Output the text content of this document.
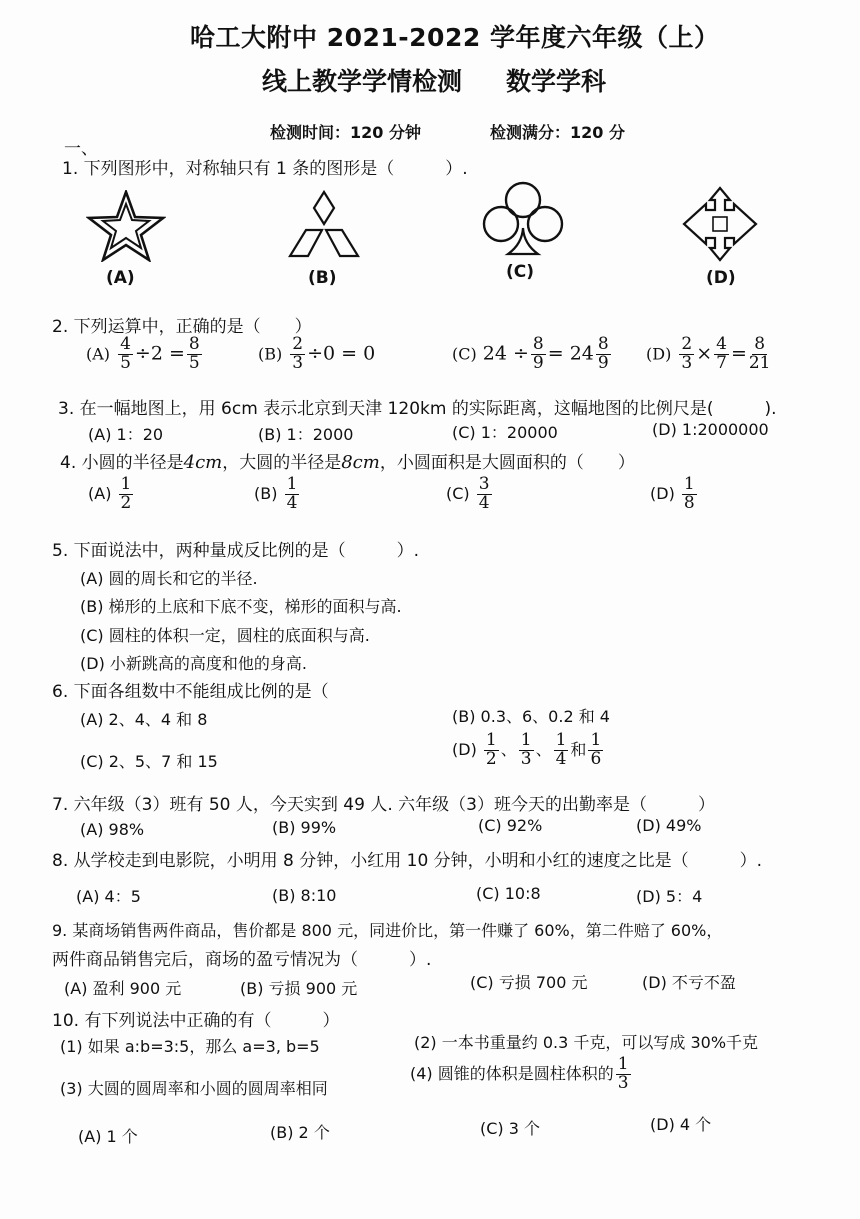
哈工大附中 2021-2022 学年度六年级（上）
线上教学学情检测 数学学科
检测时间：120 分钟	检测满分：120 分
一、
1. 下列图形中，对称轴只有 1 条的图形是（　　　）.
(A)	(B)	(C)	(D)
2. 下列运算中，正确的是（　　）
$(A) \frac{4}{5} \div 2 = \frac{8}{5}$	$(B) \frac{2}{3} \div 0 = 0$	(C) $24 \div \frac{8}{9} = 24 \frac{8}{9} (D) \frac{2}{3} \times \frac{4}{7} = \frac{8}{21}$
3. 在一幅地图上，用 6cm 表示北京到天津 120km 的实际距离，这幅地图的比例尺是(　　　).
(A) 1：20	(B) 1：2000	(C) 1：20000	(D) 1:2000000
4. 小圆的半径是4cm，大圆的半径是8cm，小圆面积是大圆面积的（　　）
$(A) \frac{1}{2}$	$(B) \frac{1}{4}$	$(C) \frac{3}{4}$	$(D) \frac{1}{8}$
5. 下面说法中，两种量成反比例的是（　　　）.
(A) 圆的周长和它的半径.
(B) 梯形的上底和下底不变，梯形的面积与高.
(C) 圆柱的体积一定，圆柱的底面积与高.
(D) 小新跳高的高度和他的身高.
6. 下面各组数中不能组成比例的是（
(A) 2、4、4 和 8	(B) 0.3、6、0.2 和 4
(C) 2、5、7 和 15
$(D) \frac{1}{2}$ 、 $\frac{1}{3}$ 、 $\frac{1}{4}$ 和 $\frac{1}{6}$
7. 六年级（3）班有 50 人，今天实到 49 人. 六年级（3）班今天的出勤率是（　　　）
(A) 98%	(B) 99%	(C) 92%	(D) 49%
8. 从学校走到电影院，小明用 8 分钟，小红用 10 分钟，小明和小红的速度之比是（　　　）.
(A) 4：5	(B) 8:10	(C) 10:8	(D) 5：4
9. 某商场销售两件商品，售价都是 800 元，同进价比，第一件赚了 60%，第二件赔了 60%，
两件商品销售完后，商场的盈亏情况为（　　　）.
(A) 盈利 900 元	(B) 亏损 900 元	(C) 亏损 700 元	(D) 不亏不盈
10. 有下列说法中正确的有（　　　）
(1) 如果 a:b=3:5，那么 a=3, b=5	(2) 一本书重量约 0.3 千克，可以写成 30%千克
(3) 大圆的圆周率和小圆的圆周率相同
(4) 圆锥的体积是圆柱体积的 $\frac{1}{3}$
(A) 1 个	(B) 2 个	(C) 3 个	(D) 4 个
